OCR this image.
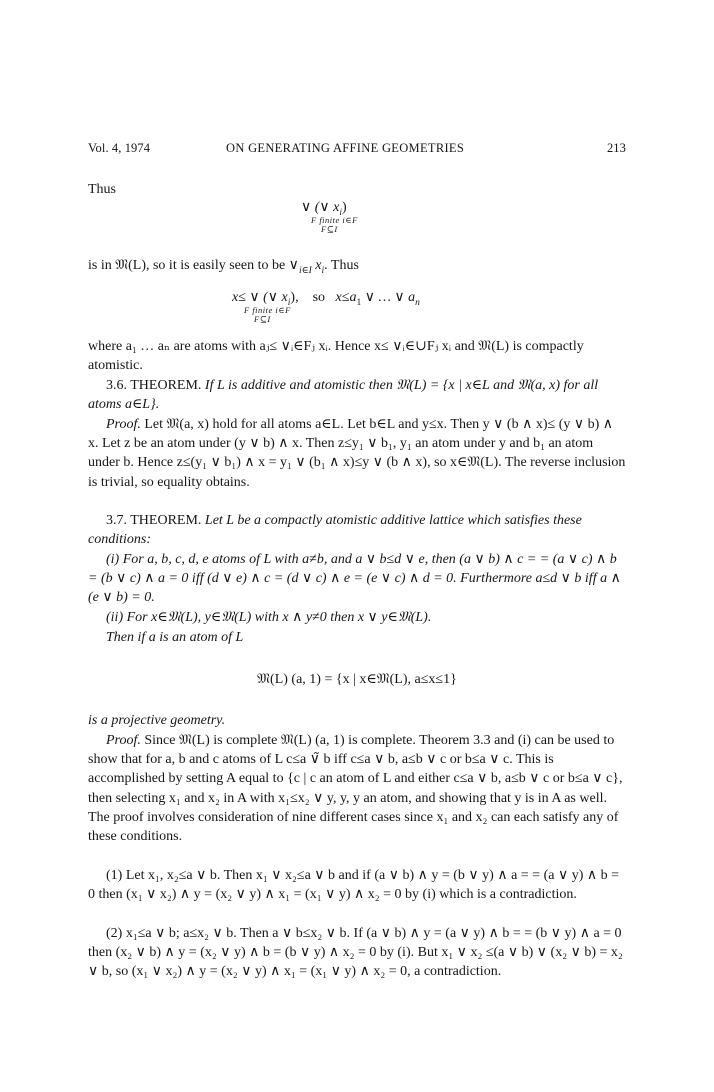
Vol. 4, 1974	ON GENERATING AFFINE GEOMETRIES	213
Thus
∨ (∨ $x_i$)
F finite i∈F
F⊆I
is in 𝔐(L), so it is easily seen to be $\vee_{i\in I}$ $x_i$. Thus
x≤ ∨ (∨ $x_i$), so $x\le a_1$ ∨ … ∨ $a_n$
F finite i∈F
F⊆I
where a₁ … aₙ are atoms with aⱼ≤ ∨ᵢ∈Fⱼ xᵢ. Hence x≤ ∨ᵢ∈∪Fⱼ xᵢ and 𝔐(L) is compactly atomistic.
3.6. THEOREM. If L is additive and atomistic then 𝔐(L) = {x | x∈L and 𝔐(a, x) for all atoms a∈L}.
Proof. Let 𝔐(a, x) hold for all atoms a∈L. Let b∈L and y≤x. Then y ∨ (b ∧ x)≤ (y ∨ b) ∧ x. Let z be an atom under (y ∨ b) ∧ x. Then z≤y₁ ∨ b₁, y₁ an atom under y and b₁ an atom under b. Hence z≤(y₁ ∨ b₁) ∧ x = y₁ ∨ (b₁ ∧ x)≤y ∨ (b ∧ x), so x∈𝔐(L). The reverse inclusion is trivial, so equality obtains.
3.7. THEOREM. Let L be a compactly atomistic additive lattice which satisfies these conditions:
(i) For a, b, c, d, e atoms of L with a≠b, and a ∨ b≤d ∨ e, then (a ∨ b) ∧ c = = (a ∨ c) ∧ b = (b ∨ c) ∧ a = 0 iff (d ∨ e) ∧ c = (d ∨ c) ∧ e = (e ∨ c) ∧ d = 0. Furthermore a≤d ∨ b iff a ∧ (e ∨ b) = 0.
(ii) For x∈𝔐(L), y∈𝔐(L) with x ∧ y≠0 then x ∨ y∈𝔐(L).
Then if a is an atom of L
𝔐(L) (a, 1) = {x | x∈𝔐(L), a≤x≤1}
is a projective geometry.
Proof. Since 𝔐(L) is complete 𝔐(L) (a, 1) is complete. Theorem 3.3 and (i) can be used to show that for a, b and c atoms of L c≤a ∨̃ b iff c≤a ∨ b, a≤b ∨ c or b≤a ∨ c. This is accomplished by setting A equal to {c | c an atom of L and either c≤a ∨ b, a≤b ∨ c or b≤a ∨ c}, then selecting x₁ and x₂ in A with x₁≤x₂ ∨ y, y, y an atom, and showing that y is in A as well. The proof involves consideration of nine different cases since x₁ and x₂ can each satisfy any of these conditions.
(1) Let x₁, x₂≤a ∨ b. Then x₁ ∨ x₂≤a ∨ b and if (a ∨ b) ∧ y = (b ∨ y) ∧ a = = (a ∨ y) ∧ b = 0 then (x₁ ∨ x₂) ∧ y = (x₂ ∨ y) ∧ x₁ = (x₁ ∨ y) ∧ x₂ = 0 by (i) which is a contradiction.
(2) x₁≤a ∨ b; a≤x₂ ∨ b. Then a ∨ b≤x₂ ∨ b. If (a ∨ b) ∧ y = (a ∨ y) ∧ b = = (b ∨ y) ∧ a = 0 then (x₂ ∨ b) ∧ y = (x₂ ∨ y) ∧ b = (b ∨ y) ∧ x₂ = 0 by (i). But x₁ ∨ x₂ ≤(a ∨ b) ∨ (x₂ ∨ b) = x₂ ∨ b, so (x₁ ∨ x₂) ∧ y = (x₂ ∨ y) ∧ x₁ = (x₁ ∨ y) ∧ x₂ = 0, a contradiction.
